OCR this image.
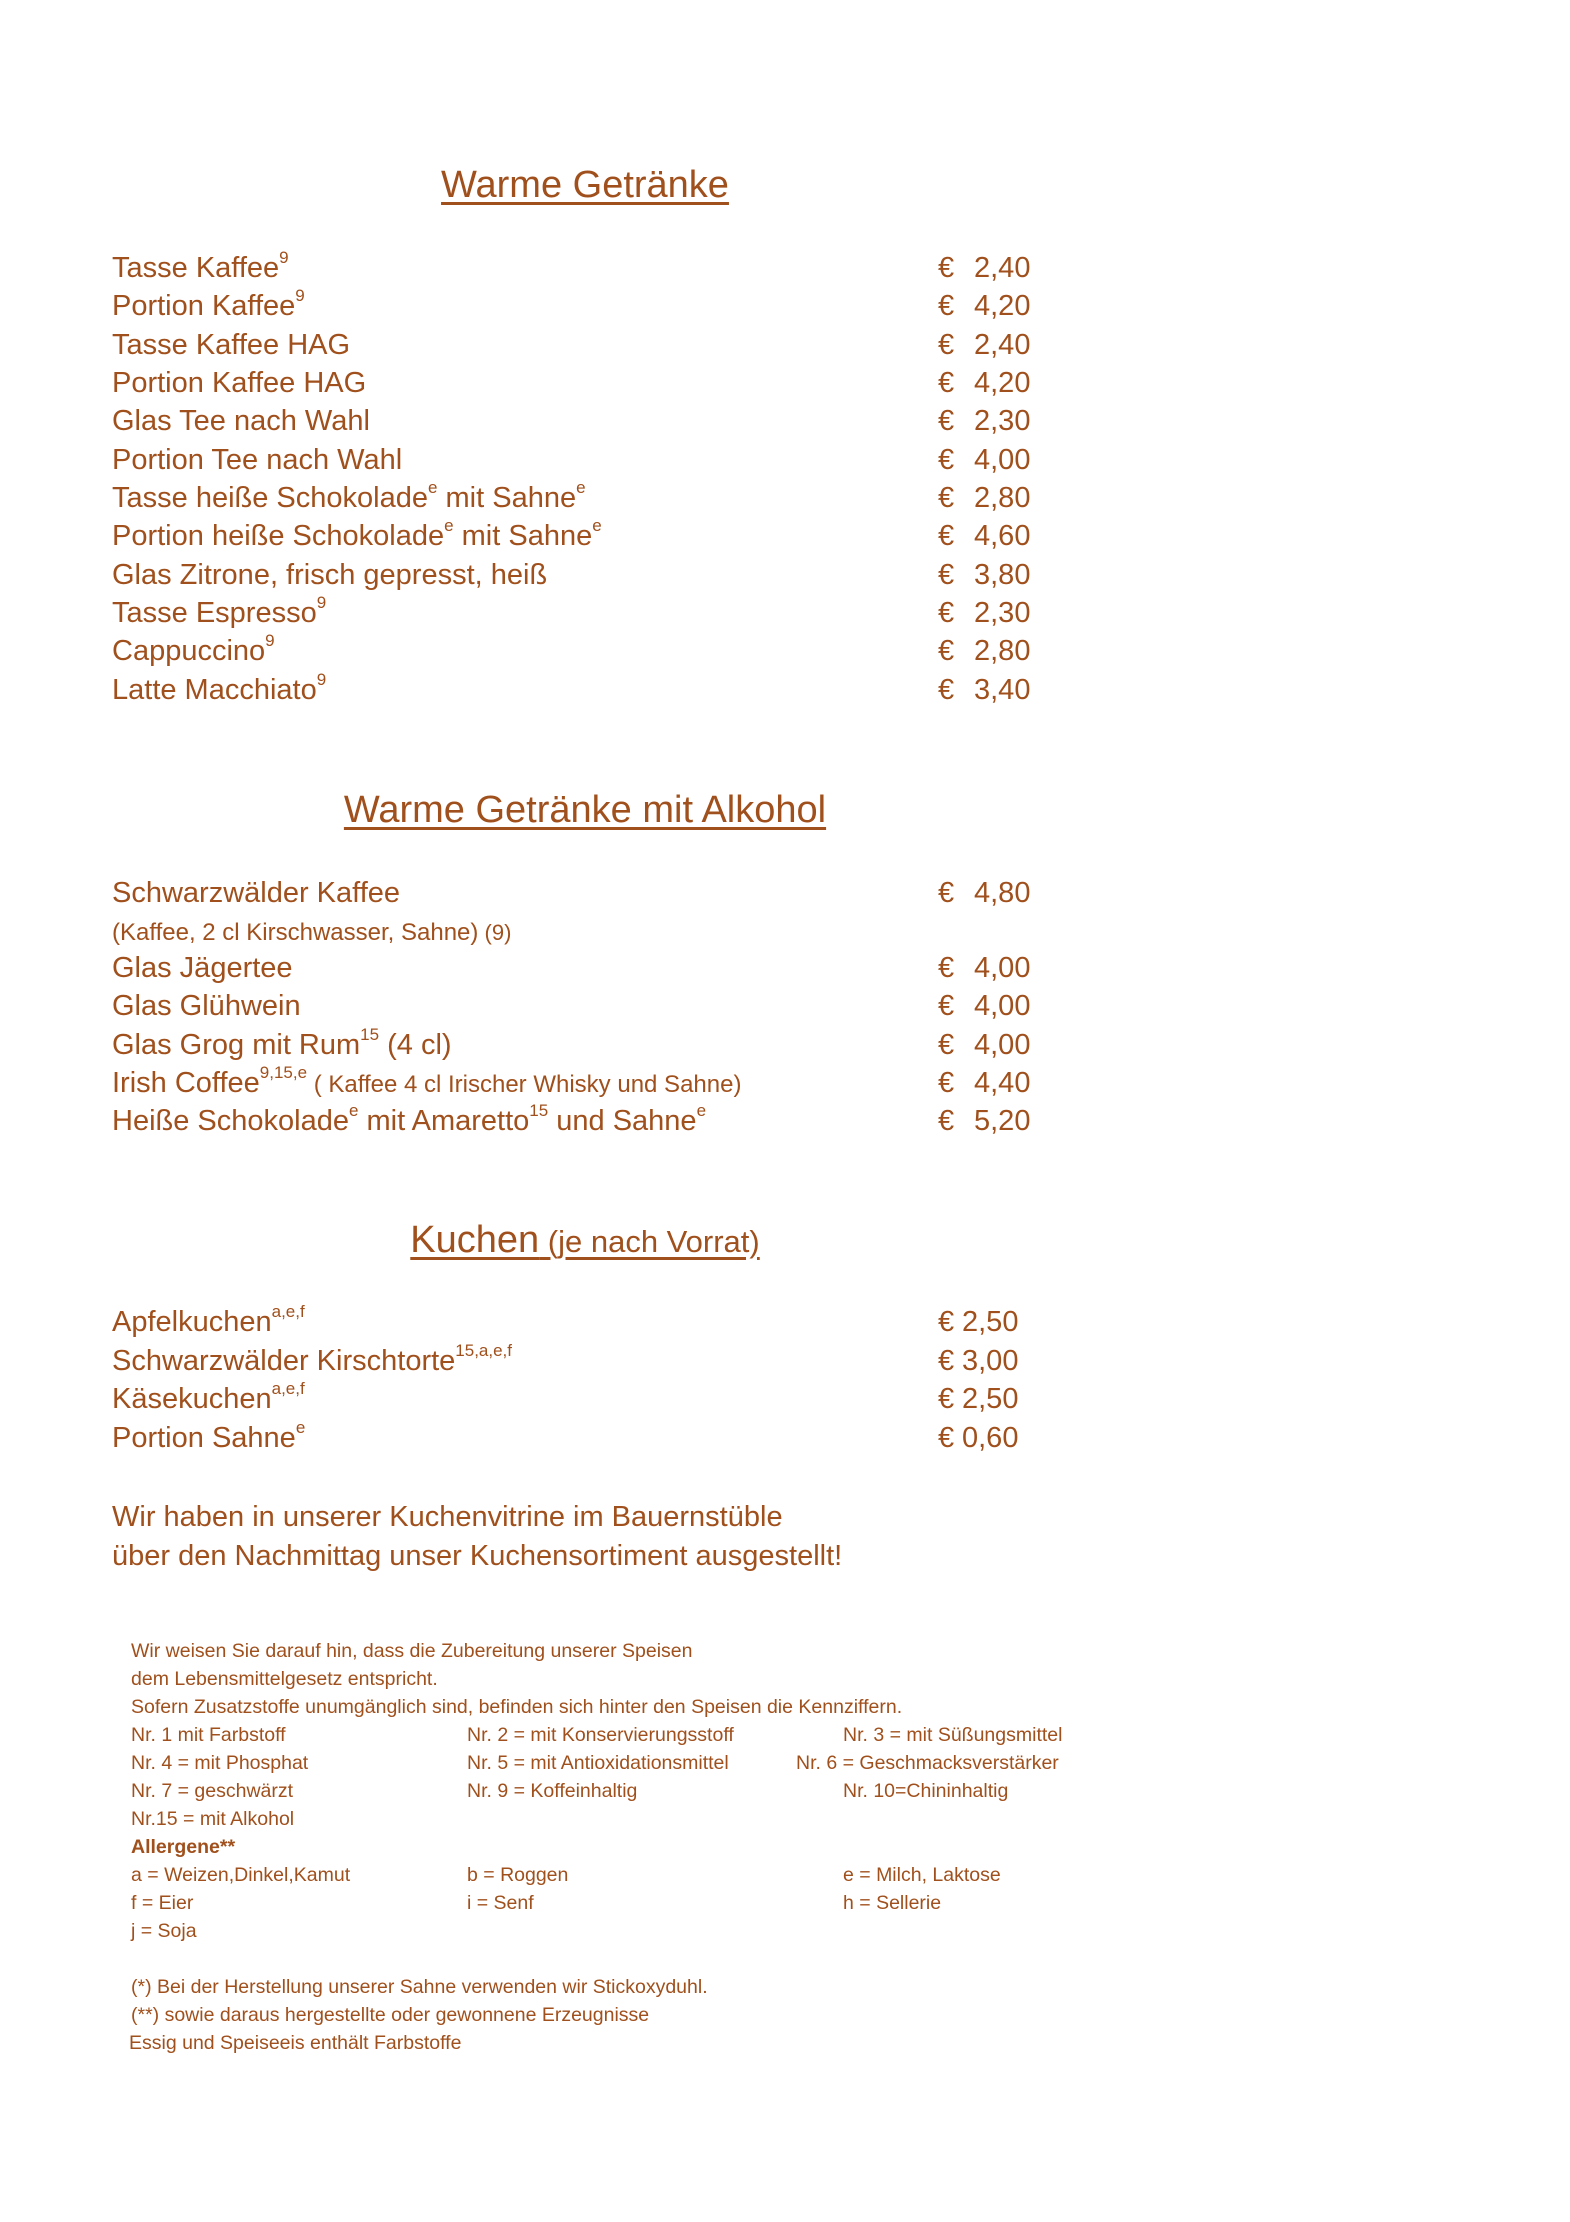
Warme Getränke
Tasse Kaffee$^9$	€ 2,40
Portion Kaffee$^9$	€ 4,20
Tasse Kaffee HAG	€ 2,40
Portion Kaffee HAG	€ 4,20
Glas Tee nach Wahl	€ 2,30
Portion Tee nach Wahl	€ 4,00
Tasse heiße Schokolade$^e$ mit Sahne$^e$	€ 2,80
Portion heiße Schokolade$^e$ mit Sahne$^e$	€ 4,60
Glas Zitrone, frisch gepresst, heiß	€ 3,80
Tasse Espresso$^9$	€ 2,30
Cappuccino$^9$	€ 2,80
Latte Macchiato$^9$	€ 3,40
Warme Getränke mit Alkohol
Schwarzwälder Kaffee	€ 4,80
(Kaffee, 2 cl Kirschwasser, Sahne) (9)
Glas Jägertee	€ 4,00
Glas Glühwein	€ 4,00
Glas Grog mit Rum$^{15}$ (4 cl)	€ 4,00
Irish Coffee$^{9,15,e}$ ( Kaffee 4 cl Irischer Whisky und Sahne)	€ 4,40
Heiße Schokolade$^e$ mit Amaretto$^{15}$ und Sahne$^e$	€ 5,20
Kuchen (je nach Vorrat)
Apfelkuchen$^{a,e,f}$	€ 2,50
Schwarzwälder Kirschtorte$^{15,a,e,f}$	€ 3,00
Käsekuchen$^{a,e,f}$	€ 2,50
Portion Sahne$^e$	€ 0,60
Wir haben in unserer Kuchenvitrine im Bauernstüble
über den Nachmittag unser Kuchensortiment ausgestellt!
Wir weisen Sie darauf hin, dass die Zubereitung unserer Speisen
dem Lebensmittelgesetz entspricht.
Sofern Zusatzstoffe unumgänglich sind, befinden sich hinter den Speisen die Kennziffern.
Nr. 1 mit Farbstoff	Nr. 2 = mit Konservierungsstoff	Nr. 3 = mit Süßungsmittel
Nr. 4 = mit Phosphat	Nr. 5 = mit Antioxidationsmittel	Nr. 6 = Geschmacksverstärker
Nr. 7 = geschwärzt	Nr. 9 = Koffeinhaltig	Nr. 10=Chininhaltig
Nr.15 = mit Alkohol
Allergene**
a = Weizen,Dinkel,Kamut	b = Roggen	e = Milch, Laktose
f = Eier	i = Senf	h = Sellerie
j = Soja
(*) Bei der Herstellung unserer Sahne verwenden wir Stickoxyduhl.
(**) sowie daraus hergestellte oder gewonnene Erzeugnisse
Essig und Speiseeis enthält Farbstoffe
